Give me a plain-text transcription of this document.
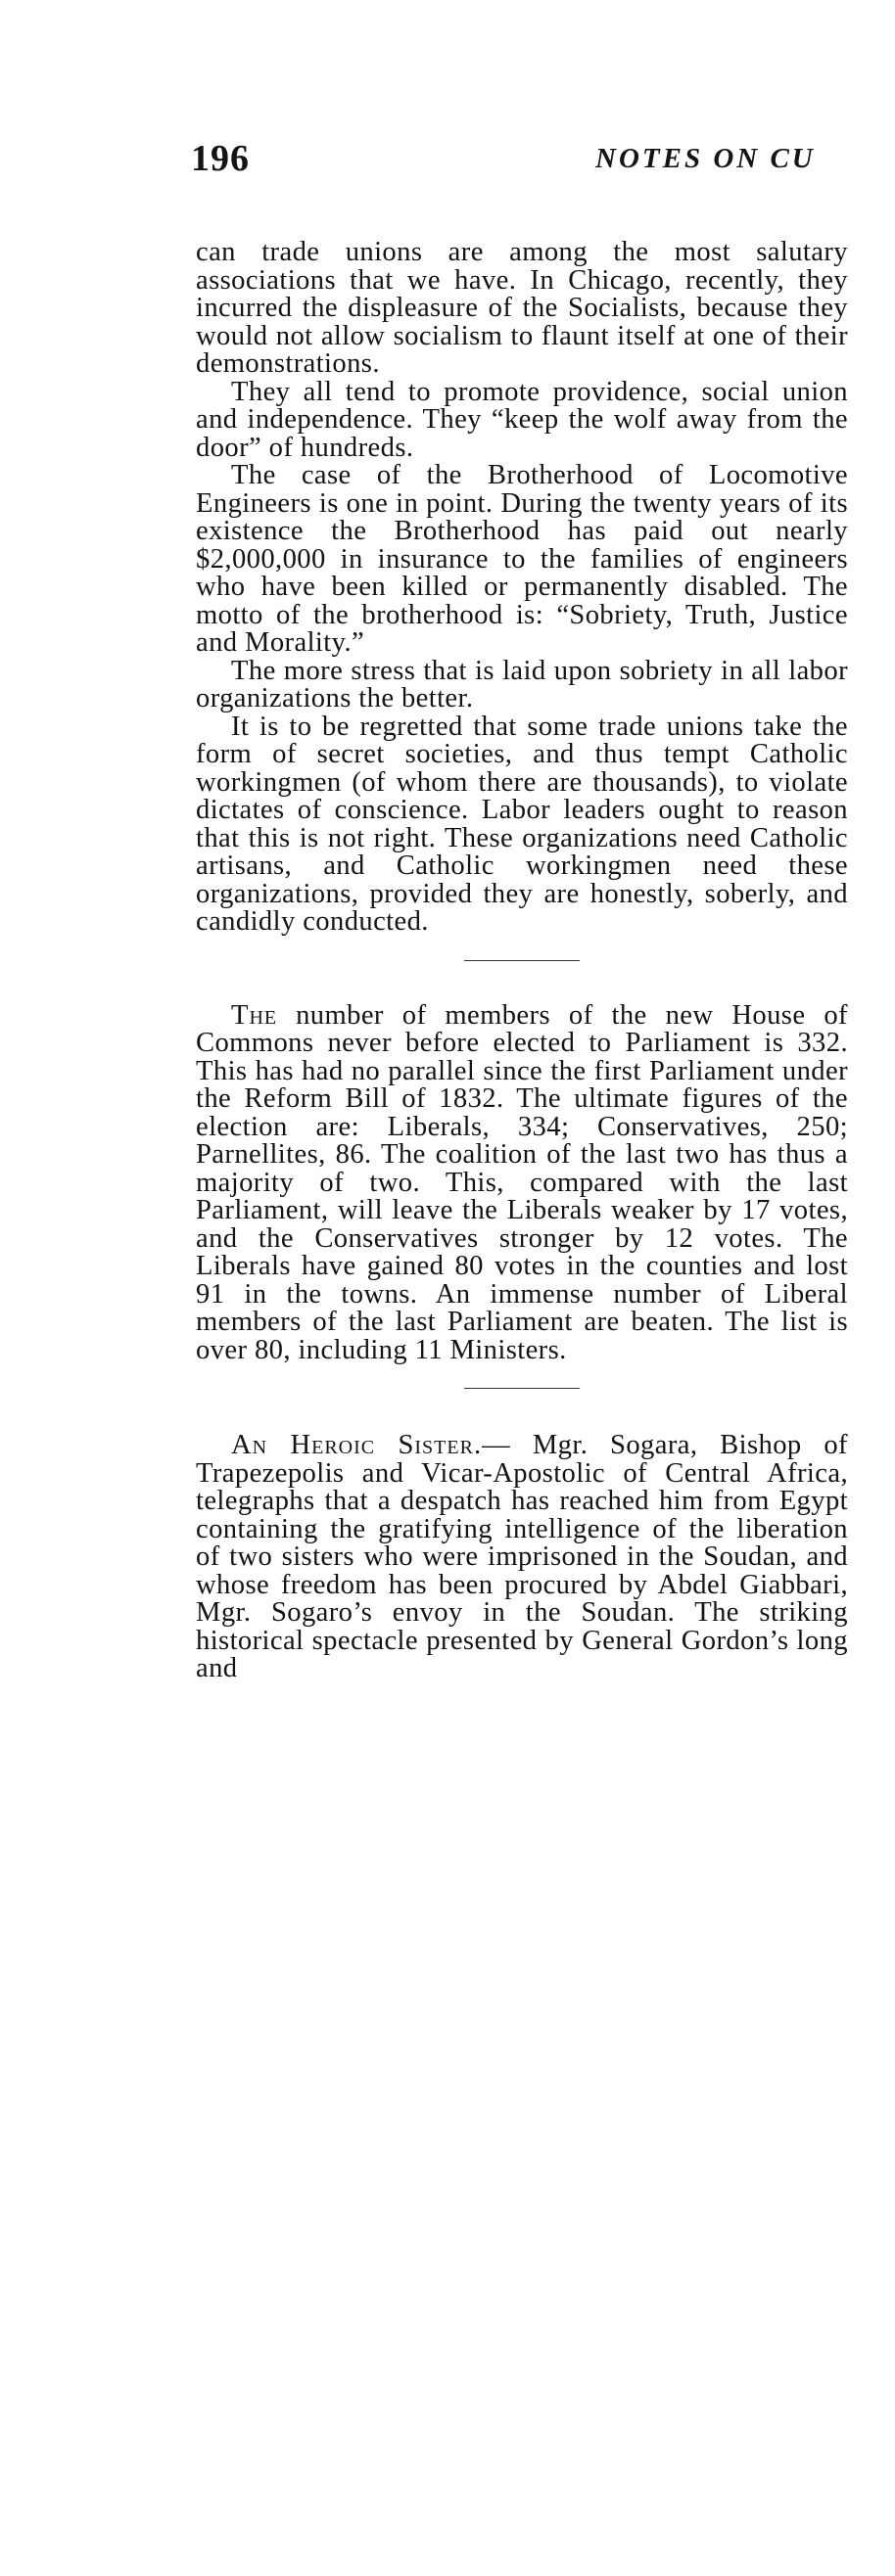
196	NOTES ON CU

can trade unions are among the most salutary associations that we have. In Chicago, recently, they incurred the displeasure of the Socialists, because they would not allow socialism to flaunt itself at one of their demonstrations.

They all tend to promote providence, social union and independence. They “keep the wolf away from the door” of hundreds.

The case of the Brotherhood of Locomotive Engineers is one in point. During the twenty years of its existence the Brotherhood has paid out nearly $2,000,000 in insurance to the families of engineers who have been killed or permanently disabled. The motto of the brotherhood is: “Sobriety, Truth, Justice and Morality.”

The more stress that is laid upon sobriety in all labor organizations the better.

It is to be regretted that some trade unions take the form of secret societies, and thus tempt Catholic workingmen (of whom there are thousands), to violate dictates of conscience. Labor leaders ought to reason that this is not right. These organizations need Catholic artisans, and Catholic workingmen need these organizations, provided they are honestly, soberly, and candidly conducted.

The number of members of the new House of Commons never before elected to Parliament is 332. This has had no parallel since the first Parliament under the Reform Bill of 1832. The ultimate figures of the election are: Liberals, 334; Conservatives, 250; Parnellites, 86. The coalition of the last two has thus a majority of two. This, compared with the last Parliament, will leave the Liberals weaker by 17 votes, and the Conservatives stronger by 12 votes. The Liberals have gained 80 votes in the counties and lost 91 in the towns. An immense number of Liberal members of the last Parliament are beaten. The list is over 80, including 11 Ministers.

An Heroic Sister.— Mgr. Sogara, Bishop of Trapezepolis and Vicar-Apostolic of Central Africa, telegraphs that a despatch has reached him from Egypt containing the gratifying intelligence of the liberation of two sisters who were imprisoned in the Soudan, and whose freedom has been procured by Abdel Giabbari, Mgr. Sogaro’s envoy in the Soudan. The striking historical spectacle presented by General Gordon’s long and
